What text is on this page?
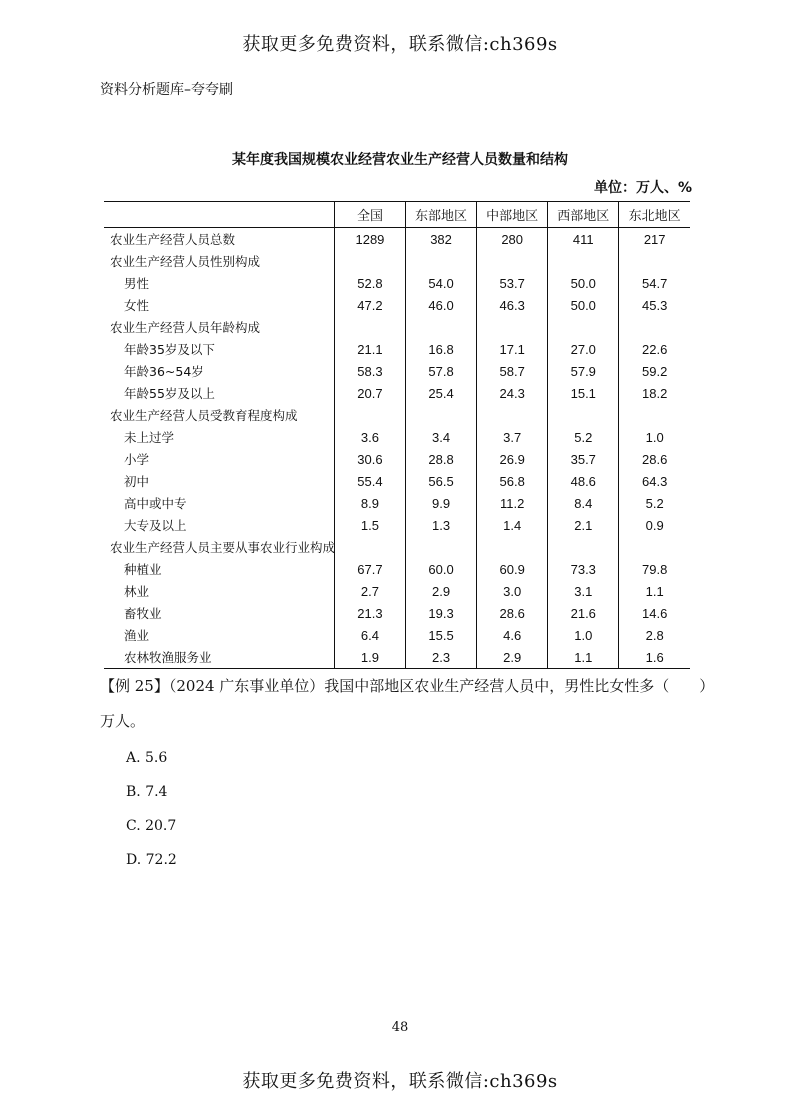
获取更多免费资料，联系微信:ch369s
资料分析题库–夸夸刷
某年度我国规模农业经营农业生产经营人员数量和结构
单位：万人、%
	全国	东部地区	中部地区	西部地区	东北地区
农业生产经营人员总数	1289	382	280	411	217
农业生产经营人员性别构成					
男性	52.8	54.0	53.7	50.0	54.7
女性	47.2	46.0	46.3	50.0	45.3
农业生产经营人员年龄构成					
年龄35岁及以下	21.1	16.8	17.1	27.0	22.6
年龄36~54岁	58.3	57.8	58.7	57.9	59.2
年龄55岁及以上	20.7	25.4	24.3	15.1	18.2
农业生产经营人员受教育程度构成					
未上过学	3.6	3.4	3.7	5.2	1.0
小学	30.6	28.8	26.9	35.7	28.6
初中	55.4	56.5	56.8	48.6	64.3
高中或中专	8.9	9.9	11.2	8.4	5.2
大专及以上	1.5	1.3	1.4	2.1	0.9
农业生产经营人员主要从事农业行业构成					
种植业	67.7	60.0	60.9	73.3	79.8
林业	2.7	2.9	3.0	3.1	1.1
畜牧业	21.3	19.3	28.6	21.6	14.6
渔业	6.4	15.5	4.6	1.0	2.8
农林牧渔服务业	1.9	2.3	2.9	1.1	1.6
【例 25】（2024 广东事业单位）我国中部地区农业生产经营人员中，男性比女性多（　　）
万人。
A. 5.6
B. 7.4
C. 20.7
D. 72.2
48
获取更多免费资料，联系微信:ch369s
